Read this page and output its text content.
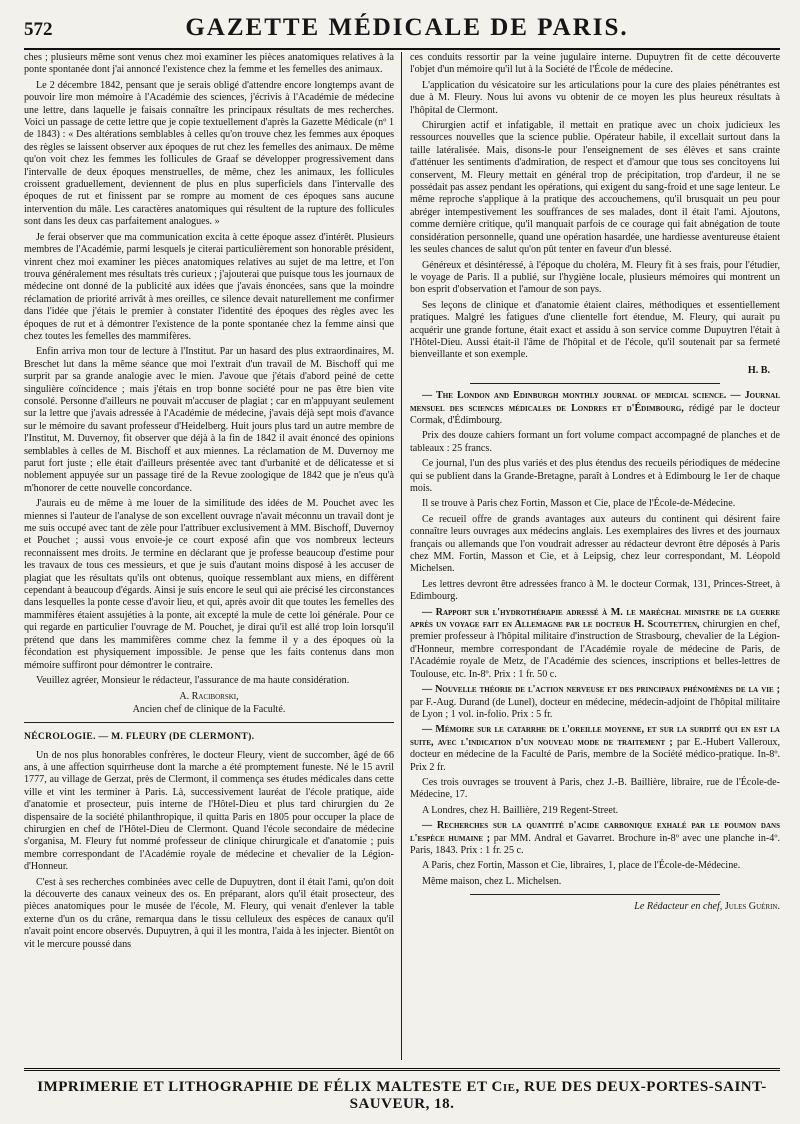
572	GAZETTE MÉDICALE DE PARIS.

ches ; plusieurs même sont venus chez moi examiner les pièces anatomiques relatives à la ponte spontanée dont j'ai annoncé l'existence chez la femme et les femelles des animaux.

Le 2 décembre 1842, pensant que je serais obligé d'attendre encore longtemps avant de pouvoir lire mon mémoire à l'Académie des sciences, j'écrivis à l'Académie de médecine une lettre, dans laquelle je faisais connaître les principaux résultats de mes recherches. Voici un passage de cette lettre que je copie textuellement d'après la Gazette Médicale (nº 1 de 1843) : « Des altérations semblables à celles qu'on trouve chez les femmes aux époques des règles se laissent observer aux époques de rut chez les femelles des animaux. De même qu'on voit chez les femmes les follicules de Graaf se développer progressivement dans l'intervalle de deux époques menstruelles, de même, chez les animaux, les follicules croissent graduellement, deviennent de plus en plus superficiels dans l'intervalle des époques de rut et finissent par se rompre au moment de ces époques sans aucune intervention du mâle. Les caractères anatomiques qui résultent de la rupture des follicules sont dans les deux cas parfaitement analogues. »

Je ferai observer que ma communication excita à cette époque assez d'intérêt. Plusieurs membres de l'Académie, parmi lesquels je citerai particulièrement son honorable président, vinrent chez moi examiner les pièces anatomiques relatives au sujet de ma lettre, et l'on trouva généralement mes résultats très curieux ; j'ajouterai que puisque tous les journaux de médecine ont donné de la publicité aux idées que j'avais énoncées, sans que la moindre réclamation de priorité arrivât à mes oreilles, ce silence devait naturellement me confirmer dans l'idée que j'étais le premier à constater l'identité des époques des règles avec les époques de rut et à démontrer l'existence de la ponte spontanée chez la femme ainsi que chez toutes les femelles des mammifères.

Enfin arriva mon tour de lecture à l'Institut. Par un hasard des plus extraordinaires, M. Breschet lut dans la même séance que moi l'extrait d'un travail de M. Bischoff qui me surprit par sa grande analogie avec le mien. J'avoue que j'étais d'abord peiné de cette singulière coïncidence ; mais j'étais en trop bonne société pour ne pas être bien vite consolé. Personne d'ailleurs ne pouvait m'accuser de plagiat ; car en m'appuyant seulement sur la lettre que j'avais adressée à l'Académie de médecine, j'avais déjà sept mois d'avance sur le mémoire du savant professeur d'Heidelberg. Huit jours plus tard un autre membre de l'Institut, M. Duvernoy, fit observer que déjà à la fin de 1842 il avait énoncé des opinions semblables à celles de M. Bischoff et aux miennes. La réclamation de M. Duvernoy me parut fort juste ; elle était d'ailleurs présentée avec tant d'urbanité et de délicatesse et si noblement appuyée sur un passage tiré de la Revue zoologique de 1842 que je n'eus qu'à m'honorer de cette nouvelle concordance.

J'aurais eu de même à me louer de la similitude des idées de M. Pouchet avec les miennes si l'auteur de l'analyse de son excellent ouvrage n'avait méconnu un travail dont je me suis occupé avec tant de zèle pour l'attribuer exclusivement à MM. Bischoff, Duvernoy et Pouchet ; aussi vous envoie-je ce court exposé afin que vos nombreux lecteurs reconnaissent mes droits. Je termine en déclarant que je professe beaucoup d'estime pour les travaux de tous ces messieurs, et que je suis d'autant moins disposé à les accuser de plagiat que les résultats qu'ils ont obtenus, quoique ressemblant aux miens, en diffèrent cependant à beaucoup d'égards. Ainsi je suis encore le seul qui aie précisé les circonstances dans lesquelles la ponte cesse d'avoir lieu, et qui, après avoir dit que toutes les femelles des mammifères étaient assujéties à la ponte, ait excepté la mule de cette loi générale. Pour ce qui regarde en particulier l'ouvrage de M. Pouchet, je dirai qu'il est allé trop loin lorsqu'il prétend que dans les mammifères comme chez la femme il y a des époques où la fécondation est physiquement impossible. Je pense que les faits contenus dans mon mémoire suffiront pour démontrer le contraire.

Veuillez agréer, Monsieur le rédacteur, l'assurance de ma haute considération.

A. Raciborski,
Ancien chef de clinique de la Faculté.
NÉCROLOGIE. — M. FLEURY (DE CLERMONT).

Un de nos plus honorables confrères, le docteur Fleury, vient de succomber, âgé de 66 ans, à une affection squirrheuse dont la marche a été promptement funeste. Né le 15 avril 1777, au village de Gerzat, près de Clermont, il commença ses études médicales dans cette ville et vint les terminer à Paris. Là, successivement lauréat de l'école pratique, aide d'anatomie et prosecteur, puis interne de l'Hôtel-Dieu et plus tard chirurgien du 2e dispensaire de la société philanthropique, il quitta Paris en 1805 pour occuper la place de chirurgien en chef de l'Hôtel-Dieu de Clermont. Quand l'école secondaire de médecine s'organisa, M. Fleury fut nommé professeur de clinique chirurgicale et d'anatomie ; puis membre correspondant de l'Académie royale de médecine et chevalier de la Légion-d'Honneur.

C'est à ses recherches combinées avec celle de Dupuytren, dont il était l'ami, qu'on doit la découverte des canaux veineux des os. En préparant, alors qu'il était prosecteur, des pièces anatomiques pour le musée de l'école, M. Fleury, qui venait d'enlever la table externe d'un os du crâne, remarqua dans le tissu celluleux des espèces de canaux qu'il n'avait point encore observés. Dupuytren, à qui il les montra, l'aida à les injecter. Bientôt on vit le mercure poussé dans

ces conduits ressortir par la veine jugulaire interne. Dupuytren fit de cette découverte l'objet d'un mémoire qu'il lut à la Société de l'École de médecine.

L'application du vésicatoire sur les articulations pour la cure des plaies pénétrantes est due à M. Fleury. Nous lui avons vu obtenir de ce moyen les plus heureux résultats à l'hôpital de Clermont.

Chirurgien actif et infatigable, il mettait en pratique avec un choix judicieux les ressources nouvelles que la science publie. Opérateur habile, il excellait surtout dans la taille latéralisée. Mais, disons-le pour l'enseignement de ses élèves et sans crainte d'atténuer les sentiments d'admiration, de respect et d'amour que tous ses concitoyens lui conservent, M. Fleury mettait en général trop de précipitation, trop d'ardeur, il ne se possédait pas assez pendant les opérations, qui exigent du sang-froid et une sage lenteur. Le même reproche s'applique à la pratique des accouchemens, qu'il brusquait un peu pour abréger intempestivement les souffrances de ses malades, dont il était l'ami. Ajoutons, comme dernière critique, qu'il manquait parfois de ce courage qui fait abnégation de toute considération personnelle, quand une opération hasardée, une hardiesse aventureuse étaient les seules chances de salut qu'on pût tenter en faveur d'un blessé.

Généreux et désintéressé, à l'époque du choléra, M. Fleury fit à ses frais, pour l'étudier, le voyage de Paris. Il a publié, sur l'hygiène locale, plusieurs mémoires qui montrent un bon esprit d'observation et l'amour de son pays.

Ses leçons de clinique et d'anatomie étaient claires, méthodiques et essentiellement pratiques. Malgré les fatigues d'une clientelle fort étendue, M. Fleury, qui aurait pu acquérir une grande fortune, était exact et assidu à son service comme Dupuytren l'était à l'Hôtel-Dieu. Aussi était-il l'âme de l'hôpital et de l'école, qu'il soutenait par sa fermeté bienveillante et son exemple.

H. B.

— The London and Edinburgh monthly journal of medical science. — Journal mensuel des sciences médicales de Londres et d'Édimbourg, rédigé par le docteur Cormak, d'Édimbourg.

Prix des douze cahiers formant un fort volume compact accompagné de planches et de tableaux : 25 francs.

Ce journal, l'un des plus variés et des plus étendus des recueils périodiques de médecine qui se publient dans la Grande-Bretagne, paraît à Londres et à Edimbourg le 1er de chaque mois.

Il se trouve à Paris chez Fortin, Masson et Cie, place de l'École-de-Médecine.

Ce recueil offre de grands avantages aux auteurs du continent qui désirent faire connaître leurs ouvrages aux médecins anglais. Les exemplaires des livres et des journaux français ou allemands que l'on voudrait adresser au rédacteur devront être déposés à Paris chez MM. Fortin, Masson et Cie, et à Leipsig, chez leur correspondant, M. Léopold Michelsen.

Les lettres devront être adressées franco à M. le docteur Cormak, 131, Princes-Street, à Edimbourg.

— Rapport sur l'hydrothérapie adressé à M. le maréchal ministre de la guerre après un voyage fait en Allemagne par le docteur H. Scoutetten, chirurgien en chef, premier professeur à l'hôpital militaire d'instruction de Strasbourg, chevalier de la Légion-d'Honneur, membre correspondant de l'Académie royale de médecine de Paris, de l'Académie royale de Metz, de l'Académie des sciences, inscriptions et belles-lettres de Toulouse, etc. In-8º. Prix : 1 fr. 50 c.

— Nouvelle théorie de l'action nerveuse et des principaux phénomènes de la vie ; par F.-Aug. Durand (de Lunel), docteur en médecine, médecin-adjoint de l'hôpital militaire de Lyon ; 1 vol. in-folio. Prix : 5 fr.

— Mémoire sur le catarrhe de l'oreille moyenne, et sur la surdité qui en est la suite, avec l'indication d'un nouveau mode de traitement ; par E.-Hubert Valleroux, docteur en médecine de la Faculté de Paris, membre de la Société médico-pratique. In-8º. Prix 2 fr.

Ces trois ouvrages se trouvent à Paris, chez J.-B. Baillière, libraire, rue de l'École-de-Médecine, 17.

A Londres, chez H. Baillière, 219 Regent-Street.

— Recherches sur la quantité d'acide carbonique exhalé par le poumon dans l'espèce humaine ; par MM. Andral et Gavarret. Brochure in-8º avec une planche in-4º. Paris, 1843. Prix : 1 fr. 25 c.

A Paris, chez Fortin, Masson et Cie, libraires, 1, place de l'École-de-Médecine.

Même maison, chez L. Michelsen.

Le Rédacteur en chef, Jules Guérin.
IMPRIMERIE ET LITHOGRAPHIE DE FÉLIX MALTESTE ET Cie, RUE DES DEUX-PORTES-SAINT-SAUVEUR, 18.
